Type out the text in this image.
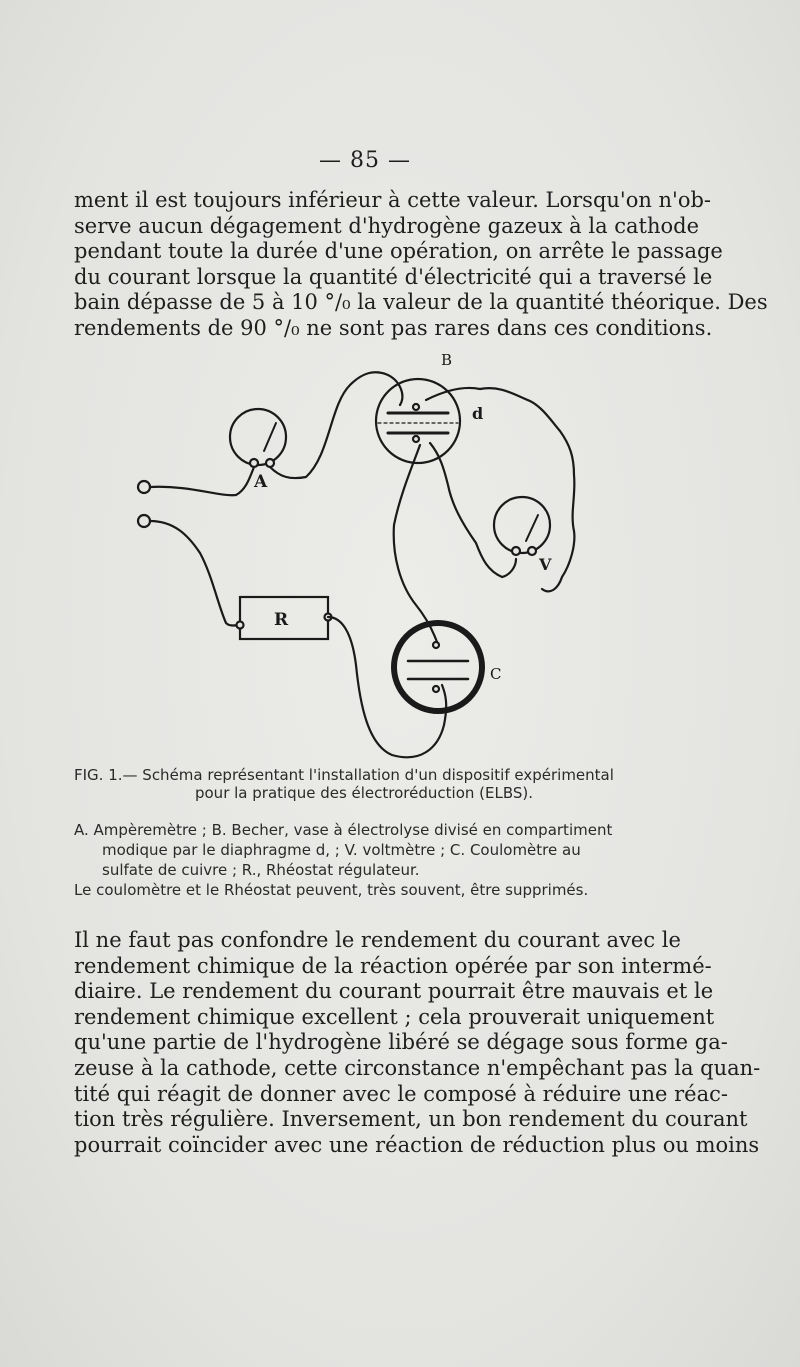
— 85 —
ment il est toujours inférieur à cette valeur. Lorsqu'on n'ob-
serve aucun dégagement d'hydrogène gazeux à la cathode
pendant toute la durée d'une opération, on arrête le passage
du courant lorsque la quantité d'électricité qui a traversé le
bain dépasse de 5 à 10 °/₀ la valeur de la quantité théorique. Des
rendements de 90 °/₀ ne sont pas rares dans ces conditions.
A
B
d
V
R
C
FIG. 1.— Schéma représentant l'installation d'un dispositif expérimental
pour la pratique des électroréduction (ELBS).
A. Ampèremètre ; B. Becher, vase à électrolyse divisé en compartiment
modique par le diaphragme d, ; V. voltmètre ; C. Coulomètre au
sulfate de cuivre ; R., Rhéostat régulateur.
Le coulomètre et le Rhéostat peuvent, très souvent, être supprimés.
Il ne faut pas confondre le rendement du courant avec le
rendement chimique de la réaction opérée par son intermé-
diaire. Le rendement du courant pourrait être mauvais et le
rendement chimique excellent ; cela prouverait uniquement
qu'une partie de l'hydrogène libéré se dégage sous forme ga-
zeuse à la cathode, cette circonstance n'empêchant pas la quan-
tité qui réagit de donner avec le composé à réduire une réac-
tion très régulière. Inversement, un bon rendement du courant
pourrait coïncider avec une réaction de réduction plus ou moins
